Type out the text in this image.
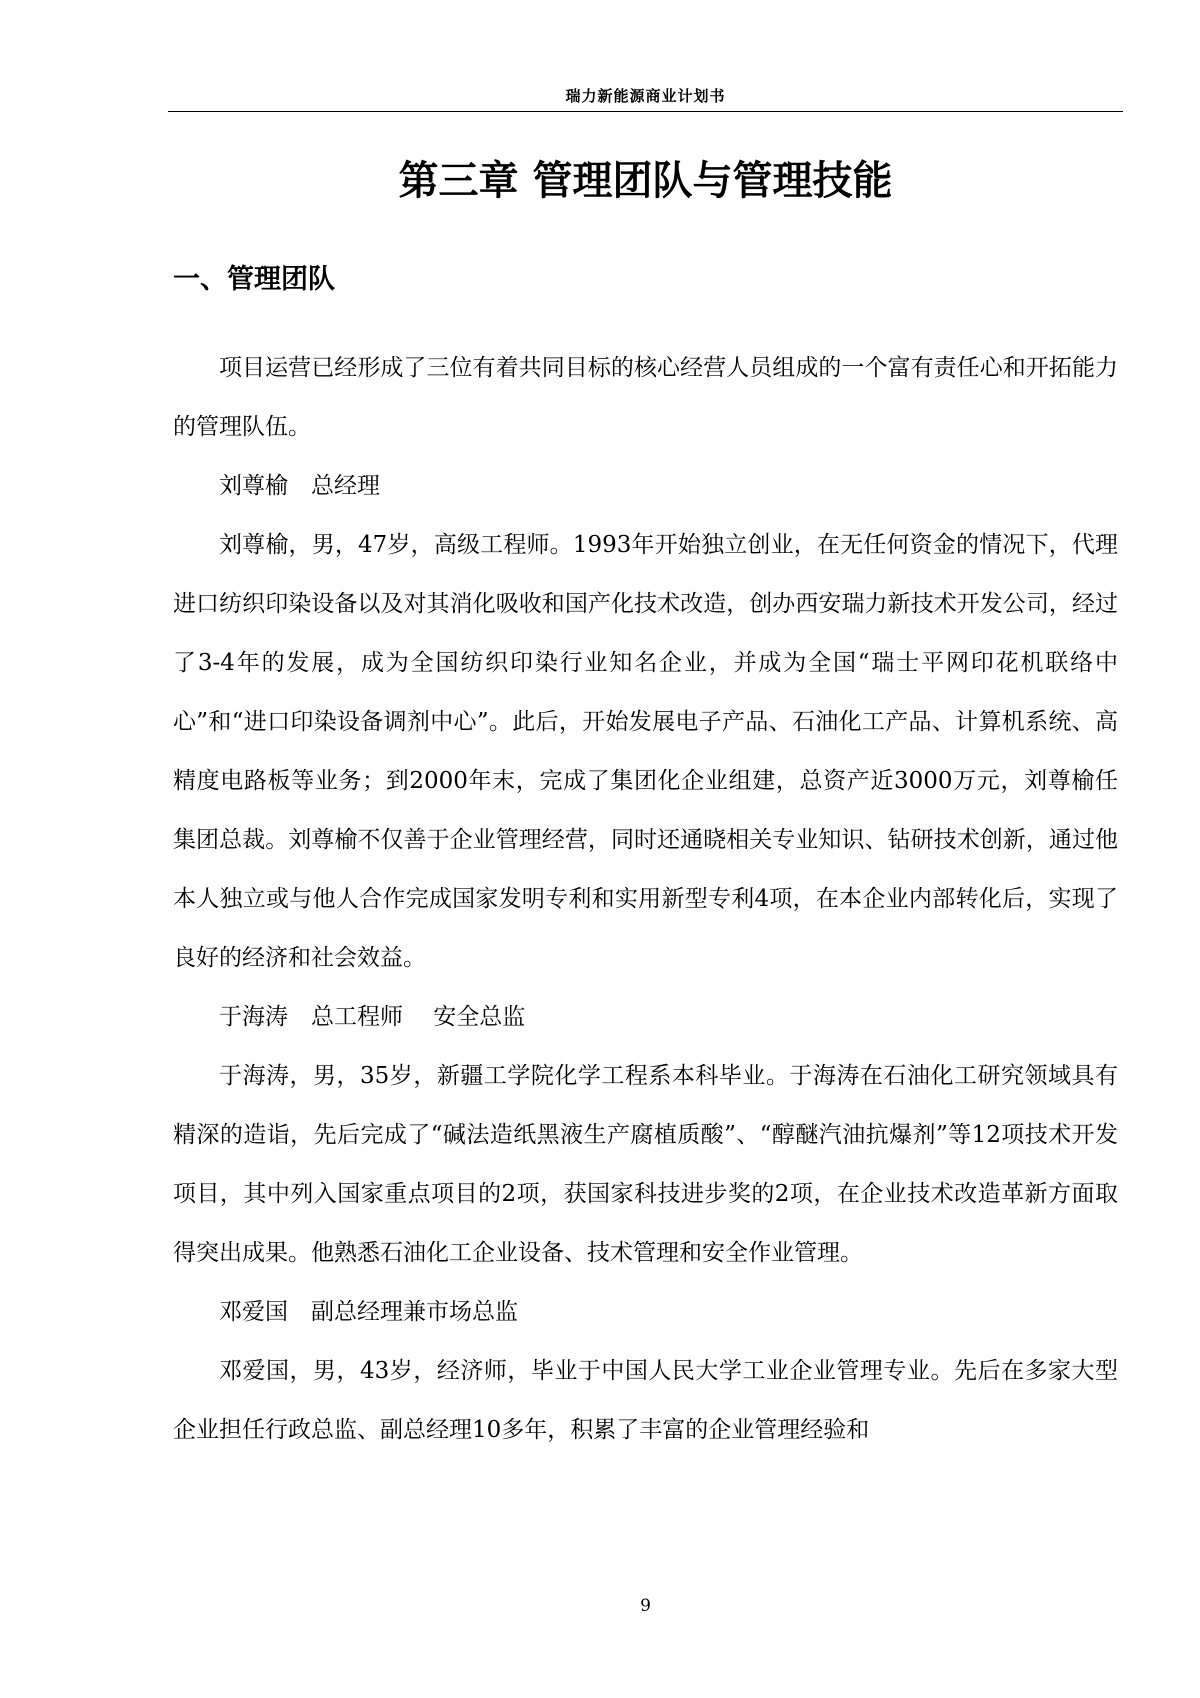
瑞力新能源商业计划书
第三章 管理团队与管理技能
一、管理团队

项目运营已经形成了三位有着共同目标的核心经营人员组成的一个富有责任心和开拓能力的管理队伍。

刘尊榆　总经理

刘尊榆，男，47岁，高级工程师。1993年开始独立创业，在无任何资金的情况下，代理进口纺织印染设备以及对其消化吸收和国产化技术改造，创办西安瑞力新技术开发公司，经过了3-4年的发展，成为全国纺织印染行业知名企业，并成为全国“瑞士平网印花机联络中心”和“进口印染设备调剂中心”。此后，开始发展电子产品、石油化工产品、计算机系统、高精度电路板等业务；到2000年末，完成了集团化企业组建，总资产近3000万元，刘尊榆任集团总裁。刘尊榆不仅善于企业管理经营，同时还通晓相关专业知识、钻研技术创新，通过他本人独立或与他人合作完成国家发明专利和实用新型专利4项，在本企业内部转化后，实现了良好的经济和社会效益。

于海涛　总工程师　 安全总监

于海涛，男，35岁，新疆工学院化学工程系本科毕业。于海涛在石油化工研究领域具有精深的造诣，先后完成了“碱法造纸黑液生产腐植质酸”、“醇醚汽油抗爆剂”等12项技术开发项目，其中列入国家重点项目的2项，获国家科技进步奖的2项，在企业技术改造革新方面取得突出成果。他熟悉石油化工企业设备、技术管理和安全作业管理。

邓爱国　副总经理兼市场总监

邓爱国，男，43岁，经济师，毕业于中国人民大学工业企业管理专业。先后在多家大型企业担任行政总监、副总经理10多年，积累了丰富的企业管理经验和

9
